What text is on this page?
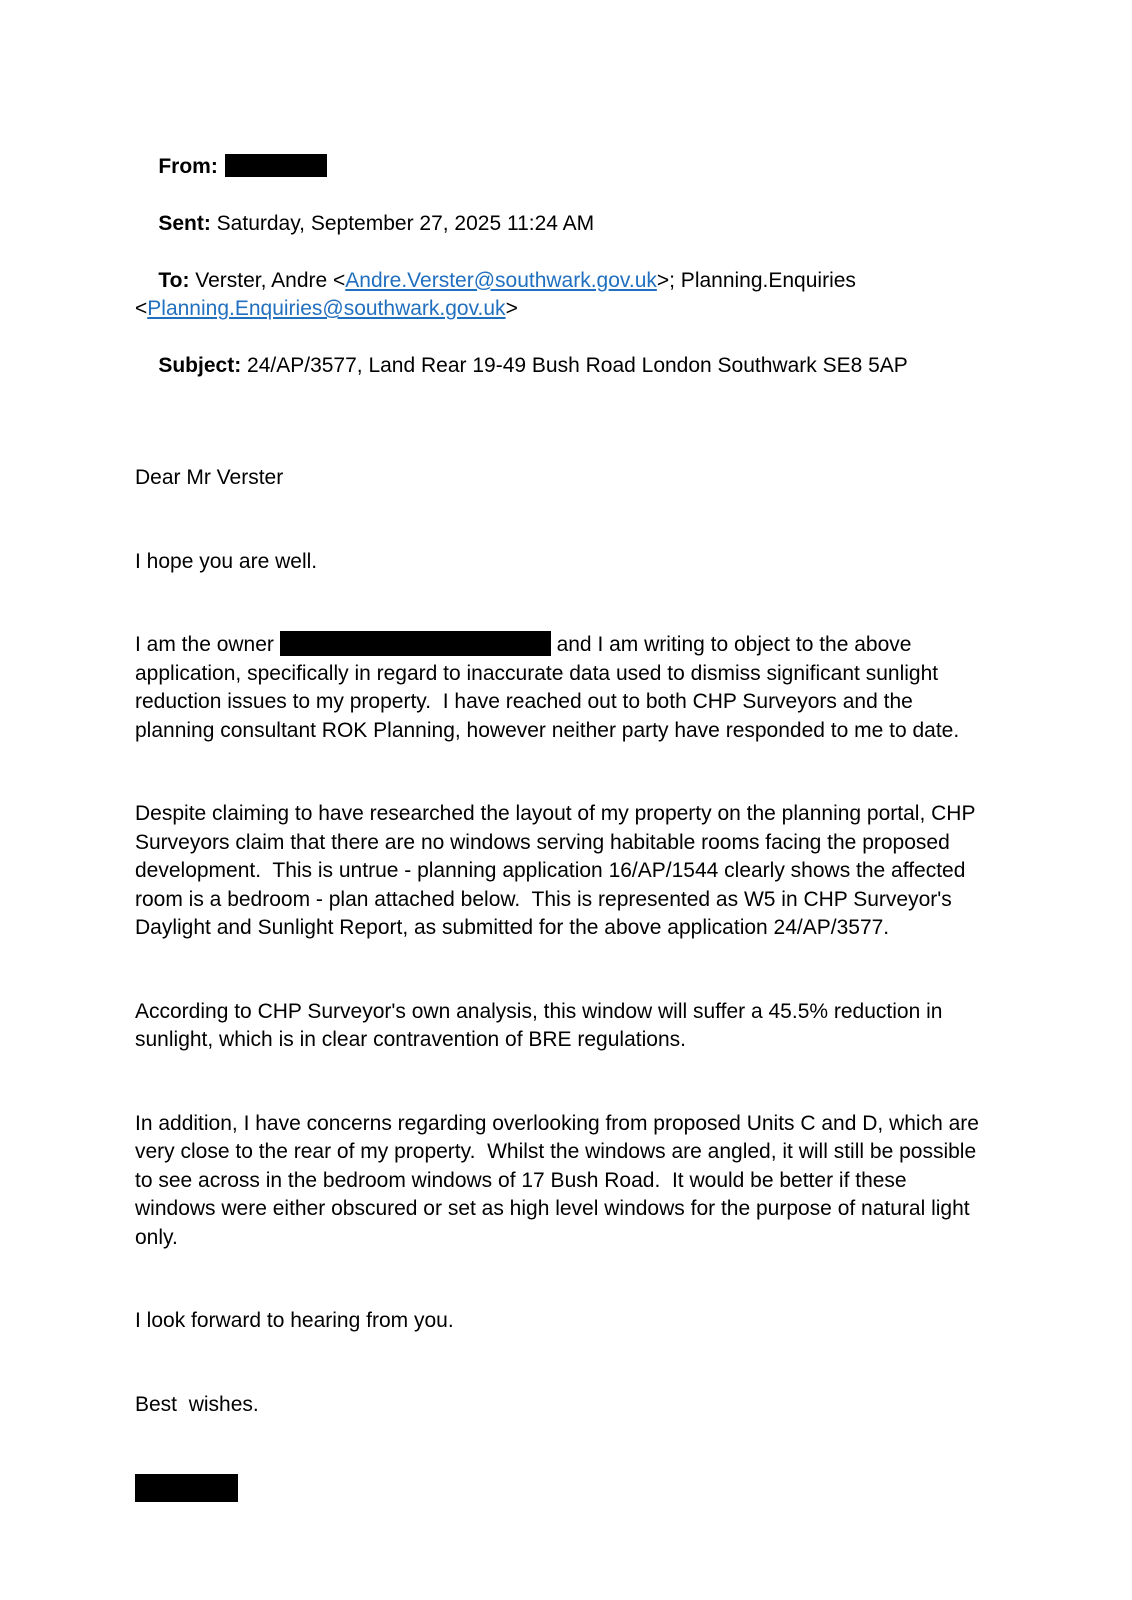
From:

Sent: Saturday, September 27, 2025 11:24 AM

To: Verster, Andre <Andre.Verster@southwark.gov.uk>; Planning.Enquiries <Planning.Enquiries@southwark.gov.uk>

Subject: 24/AP/3577, Land Rear 19-49 Bush Road London Southwark SE8 5AP

Dear Mr Verster

I hope you are well.

I am the owner	and I am writing to object to the above application, specifically in regard to inaccurate data used to dismiss significant sunlight reduction issues to my property.  I have reached out to both CHP Surveyors and the planning consultant ROK Planning, however neither party have responded to me to date.

Despite claiming to have researched the layout of my property on the planning portal, CHP Surveyors claim that there are no windows serving habitable rooms facing the proposed development.  This is untrue - planning application 16/AP/1544 clearly shows the affected room is a bedroom - plan attached below.  This is represented as W5 in CHP Surveyor's Daylight and Sunlight Report, as submitted for the above application 24/AP/3577.

According to CHP Surveyor's own analysis, this window will suffer a 45.5% reduction in sunlight, which is in clear contravention of BRE regulations.

In addition, I have concerns regarding overlooking from proposed Units C and D, which are very close to the rear of my property.  Whilst the windows are angled, it will still be possible to see across in the bedroom windows of 17 Bush Road.  It would be better if these windows were either obscured or set as high level windows for the purpose of natural light only.

I look forward to hearing from you.

Best  wishes.
